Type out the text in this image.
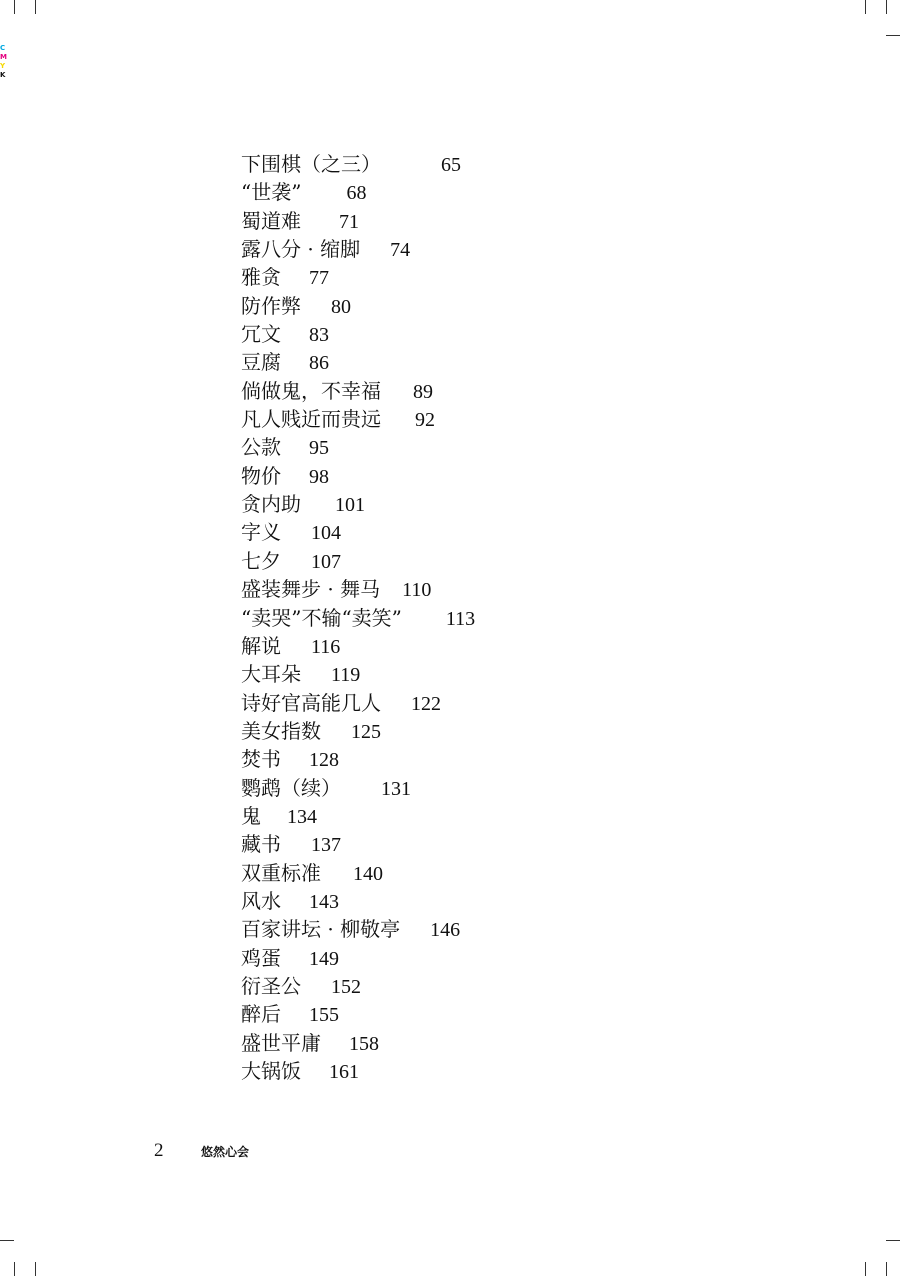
C
M
Y
K
下围棋（之三）	65
“世袭” 68
蜀道难 71
露八分 · 缩脚 74
雅贪 77
防作弊 80
冗文 83
豆腐 86
倘做鬼，不幸福 89
凡人贱近而贵远 92
公款 95
物价 98
贪内助 101
字义 104
七夕 107
盛装舞步 · 舞马 110
“卖哭”不输“卖笑” 113
解说 116
大耳朵 119
诗好官高能几人 122
美女指数 125
焚书 128
鹦鹉（续） 131
鬼 134
藏书 137
双重标准 140
风水 143
百家讲坛 · 柳敬亭 146
鸡蛋 149
衍圣公 152
醉后 155
盛世平庸 158
大锅饭 161
2	悠然心会
